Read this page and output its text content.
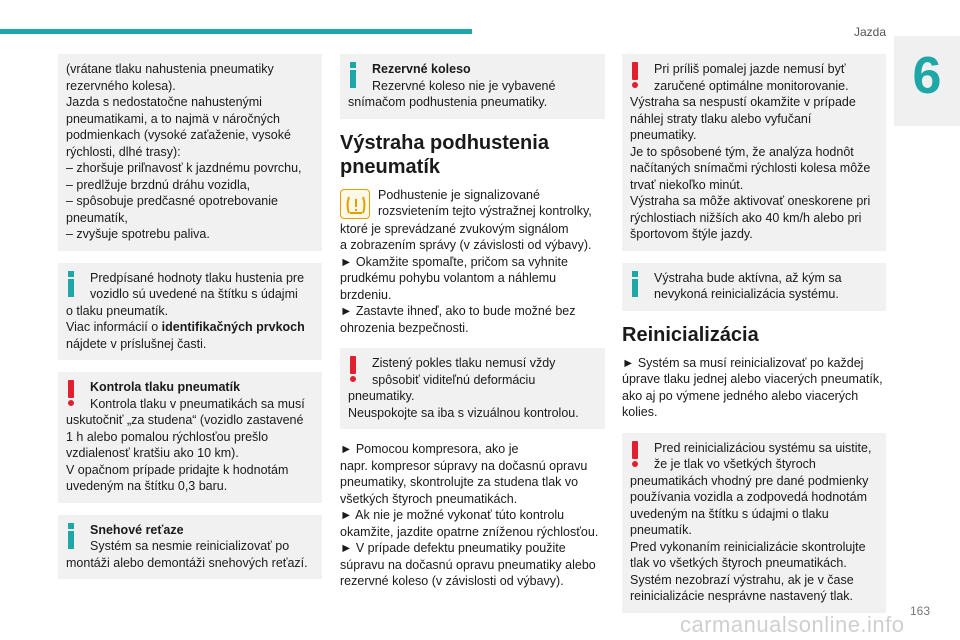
Jazda
6
(vrátane tlaku nahustenia pneumatiky
rezervného kolesa).
Jazda s nedostatočne nahustenými
pneumatikami, a to najmä v náročných
podmienkach (vysoké zaťaženie, vysoké
rýchlosti, dlhé trasy):
– zhoršuje priľnavosť k jazdnému povrchu,
– predlžuje brzdnú dráhu vozidla,
– spôsobuje predčasné opotrebovanie
pneumatík,
– zvyšuje spotrebu paliva.
Predpísané hodnoty tlaku hustenia pre
vozidlo sú uvedené na štítku s údajmi
o tlaku pneumatík.
Viac informácií o identifikačných prvkoch
nájdete v príslušnej časti.
Kontrola tlaku pneumatík
Kontrola tlaku v pneumatikách sa musí
uskutočniť „za studena“ (vozidlo zastavené
1 h alebo pomalou rýchlosťou prešlo
vzdialenosť kratšiu ako 10 km).
V opačnom prípade pridajte k hodnotám
uvedeným na štítku 0,3 baru.
Snehové reťaze
Systém sa nesmie reinicializovať po
montáži alebo demontáži snehových reťazí.
Rezervné koleso
Rezervné koleso nie je vybavené
snímačom podhustenia pneumatiky.
Výstraha podhustenia
pneumatík
Podhustenie je signalizované
rozsvietením tejto výstražnej kontrolky,
ktoré je sprevádzané zvukovým signálom
a zobrazením správy (v závislosti od výbavy).
► Okamžite spomaľte, pričom sa vyhnite
prudkému pohybu volantom a náhlemu brzdeniu.
► Zastavte ihneď, ako to bude možné bez
ohrozenia bezpečnosti.
Zistený pokles tlaku nemusí vždy
spôsobiť viditeľnú deformáciu
pneumatiky.
Neuspokojte sa iba s vizuálnou kontrolou.
► Pomocou kompresora, ako je
napr. kompresor súpravy na dočasnú opravu
pneumatiky, skontrolujte za studena tlak vo
všetkých štyroch pneumatikách.
► Ak nie je možné vykonať túto kontrolu
okamžite, jazdite opatrne zníženou rýchlosťou.
► V prípade defektu pneumatiky použite
súpravu na dočasnú opravu pneumatiky alebo
rezervné koleso (v závislosti od výbavy).
Pri príliš pomalej jazde nemusí byť
zaručené optimálne monitorovanie.
Výstraha sa nespustí okamžite v prípade
náhlej straty tlaku alebo vyfučaní pneumatiky.
Je to spôsobené tým, že analýza hodnôt
načítaných snímačmi rýchlosti kolesa môže
trvať niekoľko minút.
Výstraha sa môže aktivovať oneskorene pri
rýchlostiach nižších ako 40 km/h alebo pri
športovom štýle jazdy.
Výstraha bude aktívna, až kým sa
nevykoná reinicializácia systému.
Reinicializácia
► Systém sa musí reinicializovať po každej
úprave tlaku jednej alebo viacerých pneumatík,
ako aj po výmene jedného alebo viacerých
kolies.
Pred reinicializáciou systému sa uistite,
že je tlak vo všetkých štyroch
pneumatikách vhodný pre dané podmienky
používania vozidla a zodpovedá hodnotám
uvedeným na štítku s údajmi o tlaku
pneumatík.
Pred vykonaním reinicializácie skontrolujte
tlak vo všetkých štyroch pneumatikách.
Systém nezobrazí výstrahu, ak je v čase
reinicializácie nesprávne nastavený tlak.
163
carmanualsonline.info
